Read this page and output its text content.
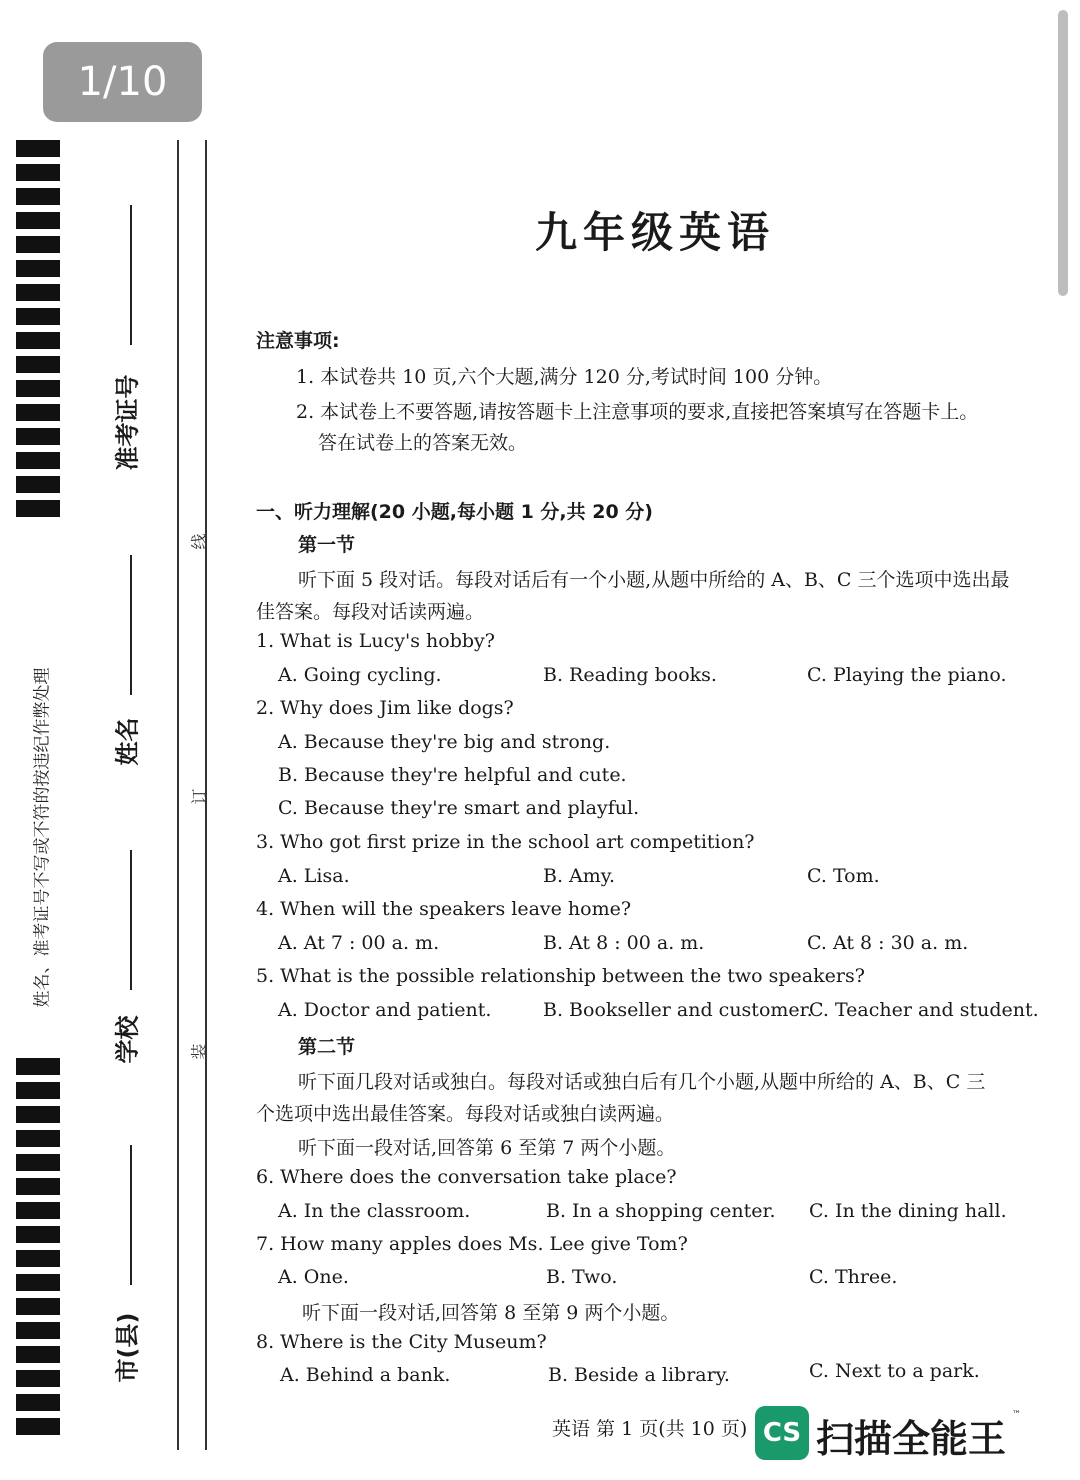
1/10
姓名、准考证号不写或不符的按违纪作弊处理
准考证号
姓名
学校
市(县)
线
订
装
九年级英语
注意事项:
1. 本试卷共 10 页,六个大题,满分 120 分,考试时间 100 分钟。
2. 本试卷上不要答题,请按答题卡上注意事项的要求,直接把答案填写在答题卡上。
答在试卷上的答案无效。
一、听力理解(20 小题,每小题 1 分,共 20 分)
第一节
听下面 5 段对话。每段对话后有一个小题,从题中所给的 A、B、C 三个选项中选出最
佳答案。每段对话读两遍。
1. What is Lucy's hobby?
A. Going cycling.	B. Reading books.	C. Playing the piano.
2. Why does Jim like dogs?
A. Because they're big and strong.
B. Because they're helpful and cute.
C. Because they're smart and playful.
3. Who got first prize in the school art competition?
A. Lisa.	B. Amy.	C. Tom.
4. When will the speakers leave home?
A. At 7 : 00 a. m.	B. At 8 : 00 a. m.	C. At 8 : 30 a. m.
5. What is the possible relationship between the two speakers?
A. Doctor and patient.	B. Bookseller and customer.
C. Teacher and student.
第二节
听下面几段对话或独白。每段对话或独白后有几个小题,从题中所给的 A、B、C 三
个选项中选出最佳答案。每段对话或独白读两遍。
听下面一段对话,回答第 6 至第 7 两个小题。
6. Where does the conversation take place?
A. In the classroom.	B. In a shopping center. C. In the dining hall.
7. How many apples does Ms. Lee give Tom?
A. One.	B. Two.	C. Three.
听下面一段对话,回答第 8 至第 9 两个小题。
8. Where is the City Museum?
A. Behind a bank.	B. Beside a library.	C. Next to a park.
英语 第 1 页(共 10 页) CS 扫描全能王
™
